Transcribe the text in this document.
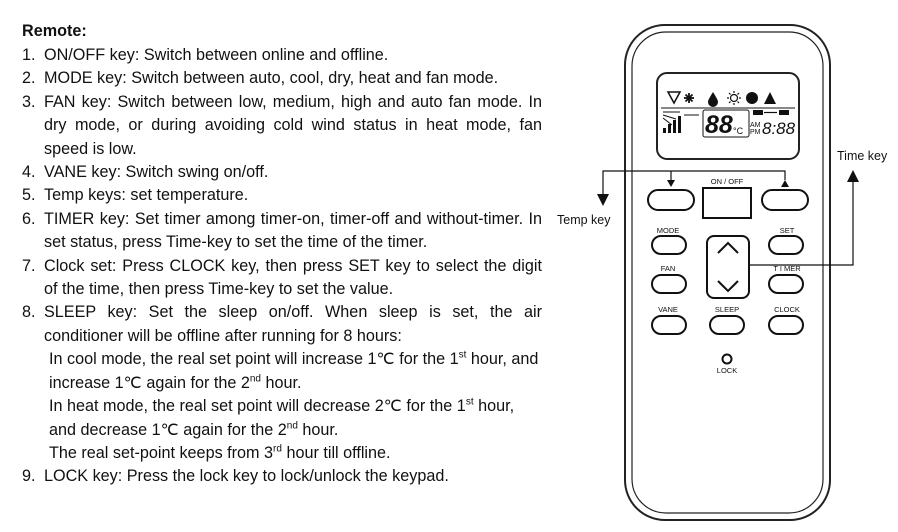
Remote:
1. ON/OFF key: Switch between online and offline.
2. MODE key: Switch between auto, cool, dry, heat and fan mode.
3. FAN key: Switch between low, medium, high and auto fan mode. In dry mode, or during avoiding cold wind status in heat mode, fan speed is low.
4. VANE key: Switch swing on/off.
5. Temp keys: set temperature.
6. TIMER key: Set timer among timer-on, timer-off and without-timer. In set status, press Time-key to set the time of the timer.
7. Clock set: Press CLOCK key, then press SET key to select the digit of the time, then press Time-key to set the value.
8. SLEEP key: Set the sleep on/off. When sleep is set, the air conditioner will be offline after running for 8 hours:
In cool mode, the real set point will increase 1℃ for the 1st hour, and increase 1℃ again for the 2nd hour.
In heat mode, the real set point will decrease 2℃ for the 1st hour, and decrease 1℃ again for the 2nd hour.
The real set-point keeps from 3rd hour till offline.
9. LOCK key: Press the lock key to lock/unlock the keypad.
88 °C
AM
PM 8:88
ON / OFF
MODE	SET
FAN	T I MER
VANE	SLEEP	CLOCK
LOCK
Temp key
Time key
